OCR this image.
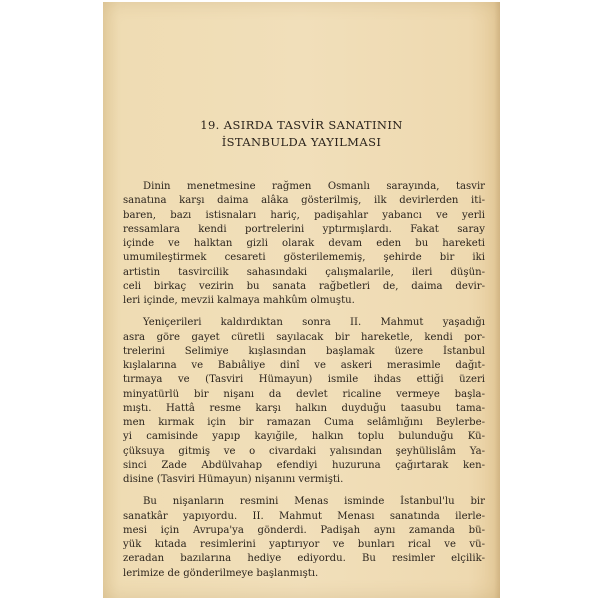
19. ASIRDA TASVİR SANATININ
İSTANBULDA YAYILMASI
Dinin menetmesine rağmen Osmanlı sarayında, tasvir
sanatına karşı daima alâka gösterilmiş, ilk devirlerden iti-
baren, bazı istisnaları hariç, padişahlar yabancı ve yerli
ressamlara kendi portrelerini yptırmışlardı. Fakat saray
içinde ve halktan gizli olarak devam eden bu hareketi
umumileştirmek cesareti gösterilememiş, şehirde bir iki
artistin tasvircilik sahasındaki çalışmalarile, ileri düşün-
celi birkaç vezirin bu sanata rağbetleri de, daima devir-
leri içinde, mevzii kalmaya mahkûm olmuştu.
Yeniçerileri kaldırdıktan sonra II. Mahmut yaşadığı
asra göre gayet cüretli sayılacak bir hareketle, kendi por-
trelerini Selimiye kışlasından başlamak üzere İstanbul
kışlalarına ve Babıâliye dinî ve askeri merasimle dağıt-
tırmaya ve (Tasviri Hümayun) ismile ihdas ettiği üzeri
minyatürlü bir nişanı da devlet ricaline vermeye başla-
mıştı. Hattâ resme karşı halkın duyduğu taasubu tama-
men kırmak için bir ramazan Cuma selâmlığını Beylerbe-
yi camisinde yapıp kayığile, halkın toplu bulunduğu Kü-
çüksuya gitmiş ve o civardaki yalısından şeyhülislâm Ya-
sinci Zade Abdülvahap efendiyi huzuruna çağırtarak ken-
disine (Tasviri Hümayun) nişanını vermişti.
Bu nişanların resmini Menas isminde İstanbul'lu bir
sanatkâr yapıyordu. II. Mahmut Menası sanatında ilerle-
mesi için Avrupa'ya gönderdi. Padişah aynı zamanda bü-
yük kıtada resimlerini yaptırıyor ve bunları rical ve vü-
zeradan bazılarına hediye ediyordu. Bu resimler elçilik-
lerimize de gönderilmeye başlanmıştı.
